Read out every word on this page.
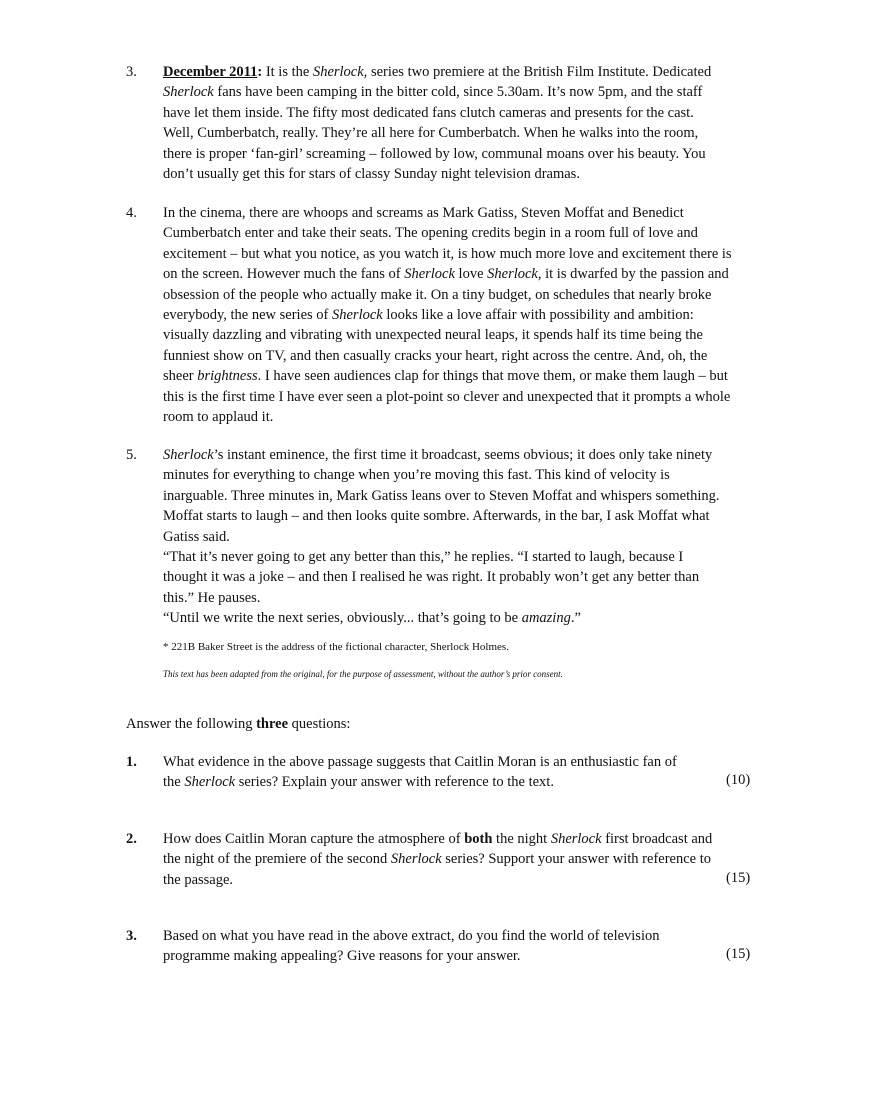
3. December 2011: It is the Sherlock, series two premiere at the British Film Institute. Dedicated
Sherlock fans have been camping in the bitter cold, since 5.30am. It’s now 5pm, and the staff
have let them inside. The fifty most dedicated fans clutch cameras and presents for the cast.
Well, Cumberbatch, really. They’re all here for Cumberbatch. When he walks into the room,
there is proper ‘fan-girl’ screaming – followed by low, communal moans over his beauty. You
don’t usually get this for stars of classy Sunday night television dramas.
4. In the cinema, there are whoops and screams as Mark Gatiss, Steven Moffat and Benedict
Cumberbatch enter and take their seats. The opening credits begin in a room full of love and
excitement – but what you notice, as you watch it, is how much more love and excitement there is
on the screen. However much the fans of Sherlock love Sherlock, it is dwarfed by the passion and
obsession of the people who actually make it. On a tiny budget, on schedules that nearly broke
everybody, the new series of Sherlock looks like a love affair with possibility and ambition:
visually dazzling and vibrating with unexpected neural leaps, it spends half its time being the
funniest show on TV, and then casually cracks your heart, right across the centre. And, oh, the
sheer brightness. I have seen audiences clap for things that move them, or make them laugh – but
this is the first time I have ever seen a plot-point so clever and unexpected that it prompts a whole
room to applaud it.
5. Sherlock’s instant eminence, the first time it broadcast, seems obvious; it does only take ninety
minutes for everything to change when you’re moving this fast. This kind of velocity is
inarguable. Three minutes in, Mark Gatiss leans over to Steven Moffat and whispers something.
Moffat starts to laugh – and then looks quite sombre. Afterwards, in the bar, I ask Moffat what
Gatiss said.
“That it’s never going to get any better than this,” he replies. “I started to laugh, because I
thought it was a joke – and then I realised he was right. It probably won’t get any better than
this.” He pauses.
“Until we write the next series, obviously... that’s going to be amazing.”
* 221B Baker Street is the address of the fictional character, Sherlock Holmes.
This text has been adapted from the original, for the purpose of assessment, without the author’s prior consent.
Answer the following three questions:
1. What evidence in the above passage suggests that Caitlin Moran is an enthusiastic fan of
the Sherlock series? Explain your answer with reference to the text.	(10)
2. How does Caitlin Moran capture the atmosphere of both the night Sherlock first broadcast and
the night of the premiere of the second Sherlock series? Support your answer with reference to
the passage.	(15)
3. Based on what you have read in the above extract, do you find the world of television
programme making appealing? Give reasons for your answer.	(15)
